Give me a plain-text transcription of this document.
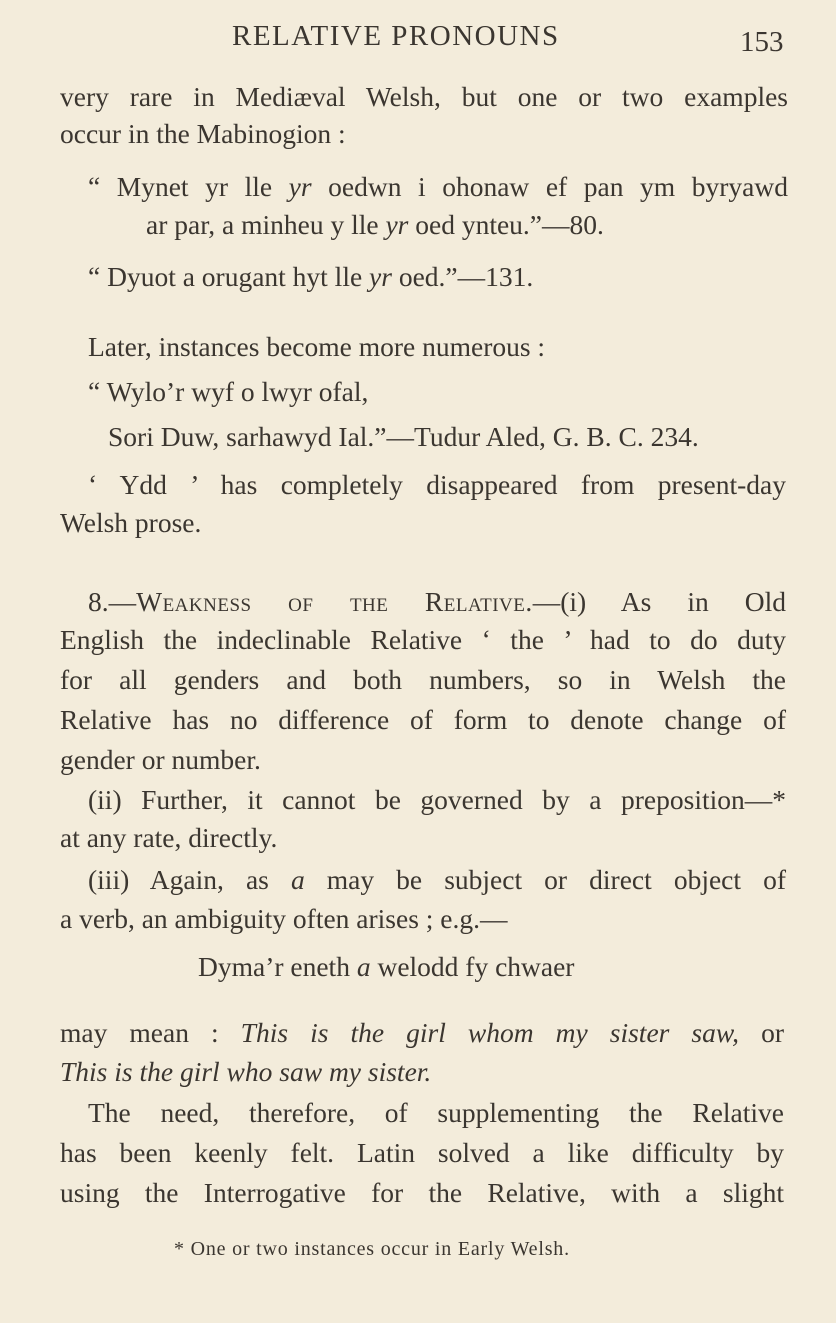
RELATIVE PRONOUNS	153
very rare in Mediæval Welsh, but one or two examples
occur in the Mabinogion :
“ Mynet yr lle yr oedwn i ohonaw ef pan ym byryawd
ar par, a minheu y lle yr oed ynteu.”—80.
“ Dyuot a orugant hyt lle yr oed.”—131.
Later, instances become more numerous :
“ Wylo’r wyf o lwyr ofal,
Sori Duw, sarhawyd Ial.”—Tudur Aled, G. B. C. 234.
‘ Ydd ’ has completely disappeared from present-day
Welsh prose.
8.—Weakness of the Relative.—(i) As in Old
English the indeclinable Relative ‘ the ’ had to do duty
for all genders and both numbers, so in Welsh the
Relative has no difference of form to denote change of
gender or number.
(ii) Further, it cannot be governed by a preposition—*
at any rate, directly.
(iii) Again, as a may be subject or direct object of
a verb, an ambiguity often arises ; e.g.—
Dyma’r eneth a welodd fy chwaer
may mean : This is the girl whom my sister saw, or
This is the girl who saw my sister.
The need, therefore, of supplementing the Relative
has been keenly felt. Latin solved a like difficulty by
using the Interrogative for the Relative, with a slight
* One or two instances occur in Early Welsh.
